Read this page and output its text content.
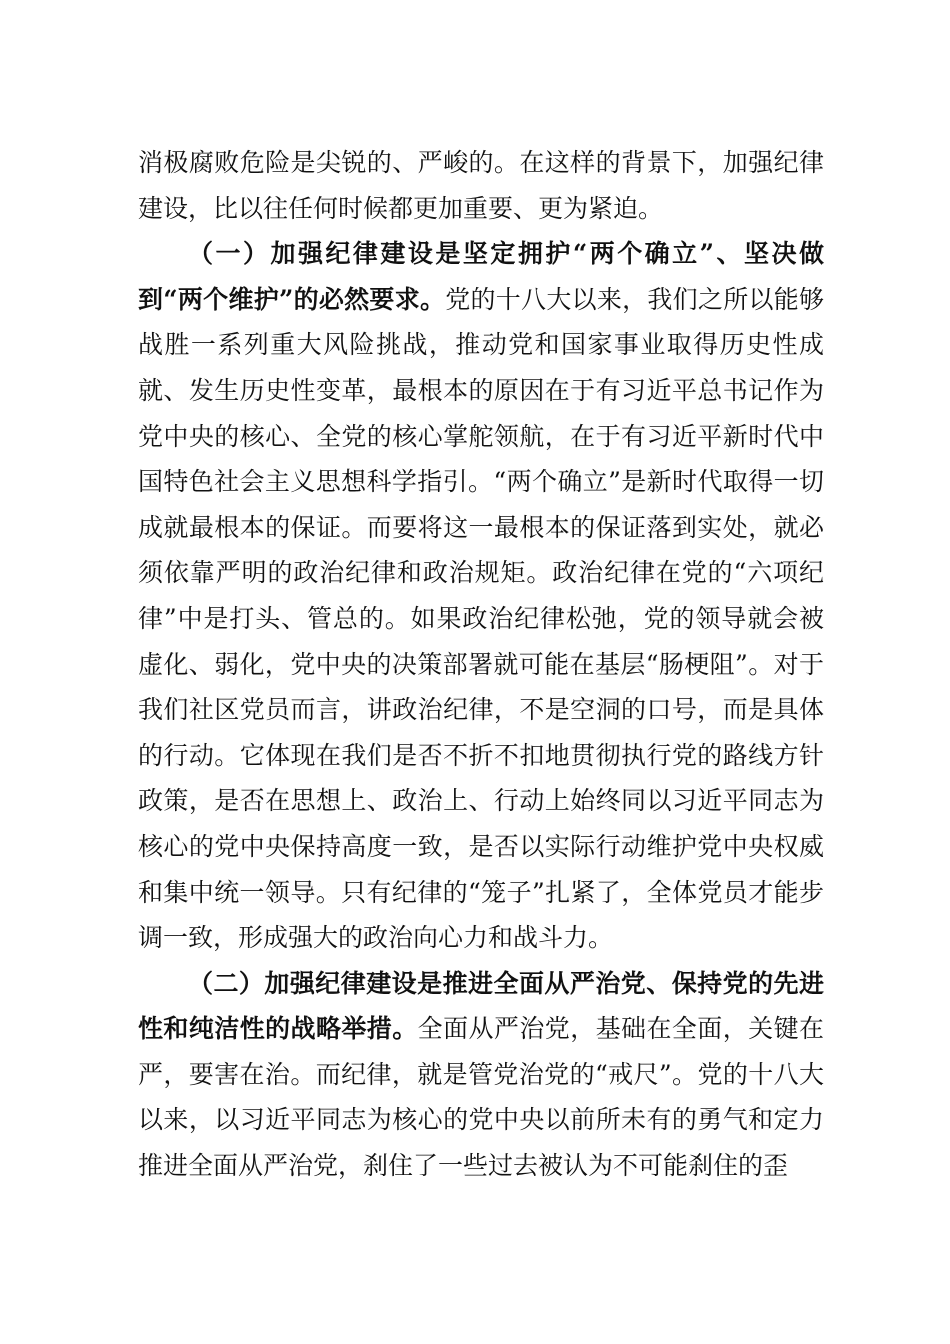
消极腐败危险是尖锐的、严峻的。在这样的背景下，加强纪律建设，比以往任何时候都更加重要、更为紧迫。

（一）加强纪律建设是坚定拥护“两个确立”、坚决做到“两个维护”的必然要求。党的十八大以来，我们之所以能够战胜一系列重大风险挑战，推动党和国家事业取得历史性成就、发生历史性变革，最根本的原因在于有习近平总书记作为党中央的核心、全党的核心掌舵领航，在于有习近平新时代中国特色社会主义思想科学指引。“两个确立”是新时代取得一切成就最根本的保证。而要将这一最根本的保证落到实处，就必须依靠严明的政治纪律和政治规矩。政治纪律在党的“六项纪律”中是打头、管总的。如果政治纪律松弛，党的领导就会被虚化、弱化，党中央的决策部署就可能在基层“肠梗阻”。对于我们社区党员而言，讲政治纪律，不是空洞的口号，而是具体的行动。它体现在我们是否不折不扣地贯彻执行党的路线方针政策，是否在思想上、政治上、行动上始终同以习近平同志为核心的党中央保持高度一致，是否以实际行动维护党中央权威和集中统一领导。只有纪律的“笼子”扎紧了，全体党员才能步调一致，形成强大的政治向心力和战斗力。

（二）加强纪律建设是推进全面从严治党、保持党的先进性和纯洁性的战略举措。全面从严治党，基础在全面，关键在严，要害在治。而纪律，就是管党治党的“戒尺”。党的十八大以来，以习近平同志为核心的党中央以前所未有的勇气和定力推进全面从严治党，刹住了一些过去被认为不可能刹住的歪
